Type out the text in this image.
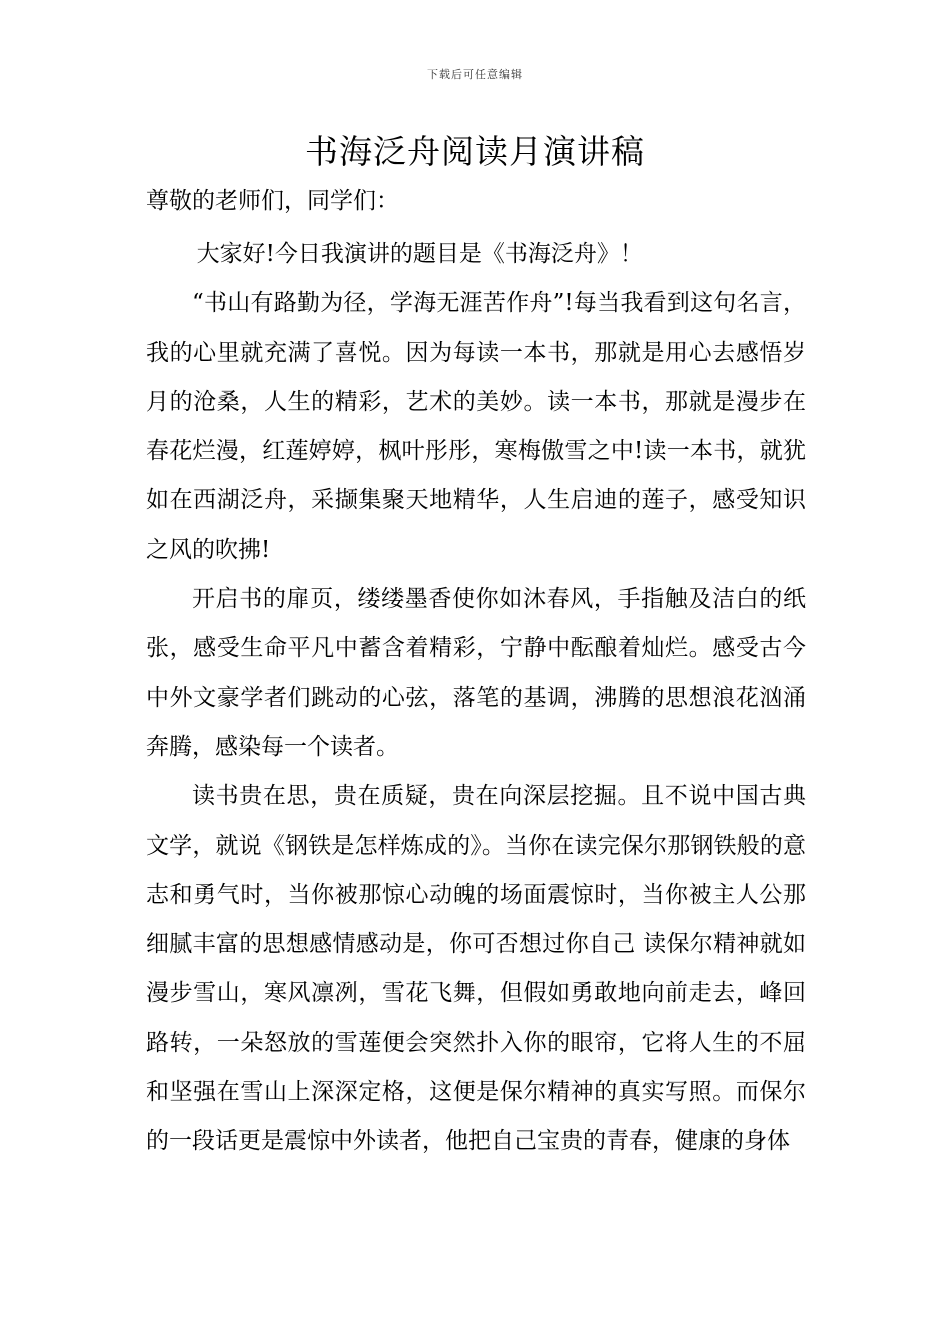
下载后可任意编辑
书海泛舟阅读月演讲稿
尊敬的老师们，同学们：

大家好!今日我演讲的题目是《书海泛舟》！

“书山有路勤为径，学海无涯苦作舟”!每当我看到这句名言，我的心里就充满了喜悦。因为每读一本书，那就是用心去感悟岁月的沧桑，人生的精彩，艺术的美妙。读一本书，那就是漫步在春花烂漫，红莲婷婷，枫叶彤彤，寒梅傲雪之中!读一本书，就犹如在西湖泛舟，采撷集聚天地精华，人生启迪的莲子，感受知识之风的吹拂!

开启书的扉页，缕缕墨香使你如沐春风，手指触及洁白的纸张，感受生命平凡中蓄含着精彩，宁静中酝酿着灿烂。感受古今中外文豪学者们跳动的心弦，落笔的基调，沸腾的思想浪花汹涌奔腾，感染每一个读者。

读书贵在思，贵在质疑，贵在向深层挖掘。且不说中国古典文学，就说《钢铁是怎样炼成的》。当你在读完保尔那钢铁般的意志和勇气时，当你被那惊心动魄的场面震惊时，当你被主人公那细腻丰富的思想感情感动是，你可否想过你自己 读保尔精神就如漫步雪山，寒风凛冽，雪花飞舞，但假如勇敢地向前走去，峰回路转，一朵怒放的雪莲便会突然扑入你的眼帘，它将人生的不屈和坚强在雪山上深深定格，这便是保尔精神的真实写照。而保尔的一段话更是震惊中外读者，他把自己宝贵的青春，健康的身体
